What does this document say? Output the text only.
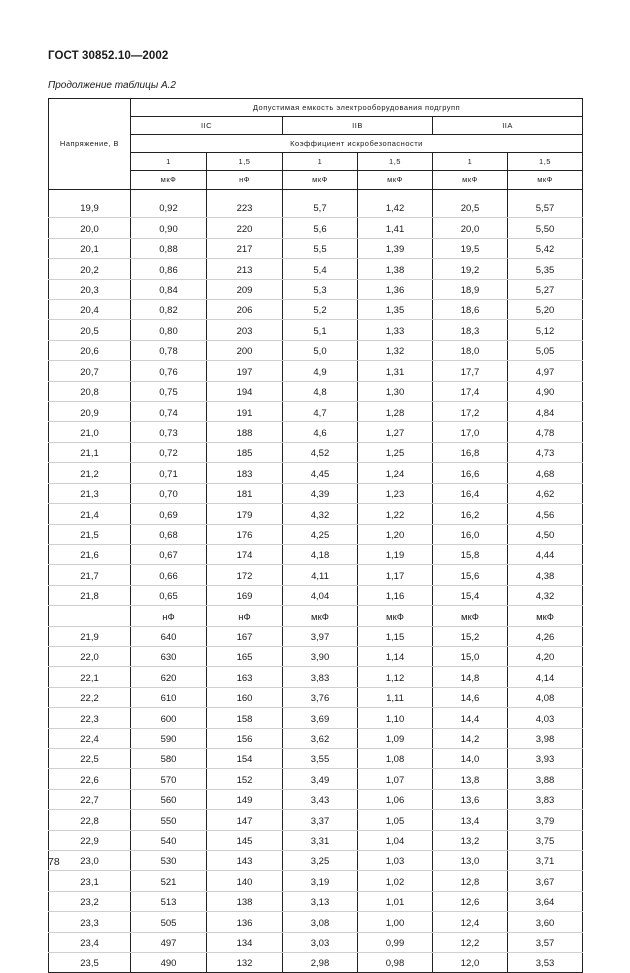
ГОСТ 30852.10—2002
Продолжение таблицы А.2
Напряжение, В	Допустимая емкость электрооборудования подгрупп					
	IIC		IIB		IIA	
	Коэффициент искробезопасности					
	1	1,5	1	1,5	1	1,5
	мкФ	нФ	мкФ	мкФ	мкФ	мкФ

19,9	0,92	223	5,7	1,42	20,5	5,57
20,0	0,90	220	5,6	1,41	20,0	5,50
20,1	0,88	217	5,5	1,39	19,5	5,42
20,2	0,86	213	5,4	1,38	19,2	5,35
20,3	0,84	209	5,3	1,36	18,9	5,27
20,4	0,82	206	5,2	1,35	18,6	5,20
20,5	0,80	203	5,1	1,33	18,3	5,12
20,6	0,78	200	5,0	1,32	18,0	5,05
20,7	0,76	197	4,9	1,31	17,7	4,97
20,8	0,75	194	4,8	1,30	17,4	4,90
20,9	0,74	191	4,7	1,28	17,2	4,84
21,0	0,73	188	4,6	1,27	17,0	4,78
21,1	0,72	185	4,52	1,25	16,8	4,73
21,2	0,71	183	4,45	1,24	16,6	4,68
21,3	0,70	181	4,39	1,23	16,4	4,62
21,4	0,69	179	4,32	1,22	16,2	4,56
21,5	0,68	176	4,25	1,20	16,0	4,50
21,6	0,67	174	4,18	1,19	15,8	4,44
21,7	0,66	172	4,11	1,17	15,6	4,38
21,8	0,65	169	4,04	1,16	15,4	4,32
	нФ	нФ	мкФ	мкФ	мкФ	мкФ
21,9	640	167	3,97	1,15	15,2	4,26
22,0	630	165	3,90	1,14	15,0	4,20
22,1	620	163	3,83	1,12	14,8	4,14
22,2	610	160	3,76	1,11	14,6	4,08
22,3	600	158	3,69	1,10	14,4	4,03
22,4	590	156	3,62	1,09	14,2	3,98
22,5	580	154	3,55	1,08	14,0	3,93
22,6	570	152	3,49	1,07	13,8	3,88
22,7	560	149	3,43	1,06	13,6	3,83
22,8	550	147	3,37	1,05	13,4	3,79
22,9	540	145	3,31	1,04	13,2	3,75
23,0	530	143	3,25	1,03	13,0	3,71
23,1	521	140	3,19	1,02	12,8	3,67
23,2	513	138	3,13	1,01	12,6	3,64
23,3	505	136	3,08	1,00	12,4	3,60
23,4	497	134	3,03	0,99	12,2	3,57
23,5	490	132	2,98	0,98	12,0	3,53
78
